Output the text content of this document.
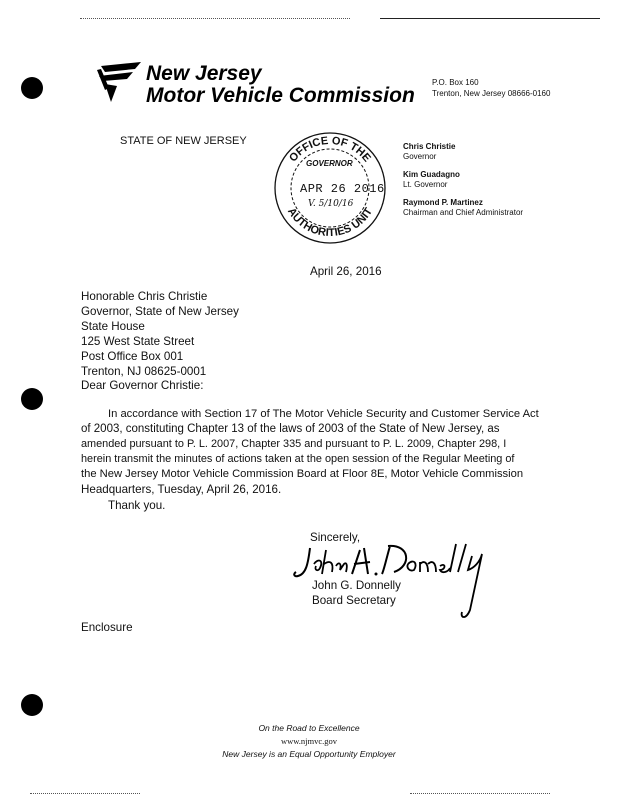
New Jersey
Motor Vehicle Commission
P.O. Box 160
Trenton, New Jersey 08666-0160
STATE OF NEW JERSEY
OFFICE OF THE
AUTHORITIES UNIT
GOVERNOR
APR 26 2016
V. 5/10/16
Chris Christie
Governor
Kim Guadagno
Lt. Governor
Raymond P. Martinez
Chairman and Chief Administrator
April 26, 2016
Honorable Chris Christie
Governor, State of New Jersey
State House
125 West State Street
Post Office Box 001
Trenton, NJ 08625-0001
Dear Governor Christie:
In accordance with Section 17 of The Motor Vehicle Security and Customer Service Act
of 2003, constituting Chapter 13 of the laws of 2003 of the State of New Jersey, as
amended pursuant to P. L. 2007, Chapter 335 and pursuant to P. L. 2009, Chapter 298, I
herein transmit the minutes of actions taken at the open session of the Regular Meeting of
the New Jersey Motor Vehicle Commission Board at Floor 8E, Motor Vehicle Commission
Headquarters, Tuesday, April 26, 2016.
Thank you.
Sincerely,
John G. Donnelly
Board Secretary
Enclosure
On the Road to Excellence
www.njmvc.gov
New Jersey is an Equal Opportunity Employer
